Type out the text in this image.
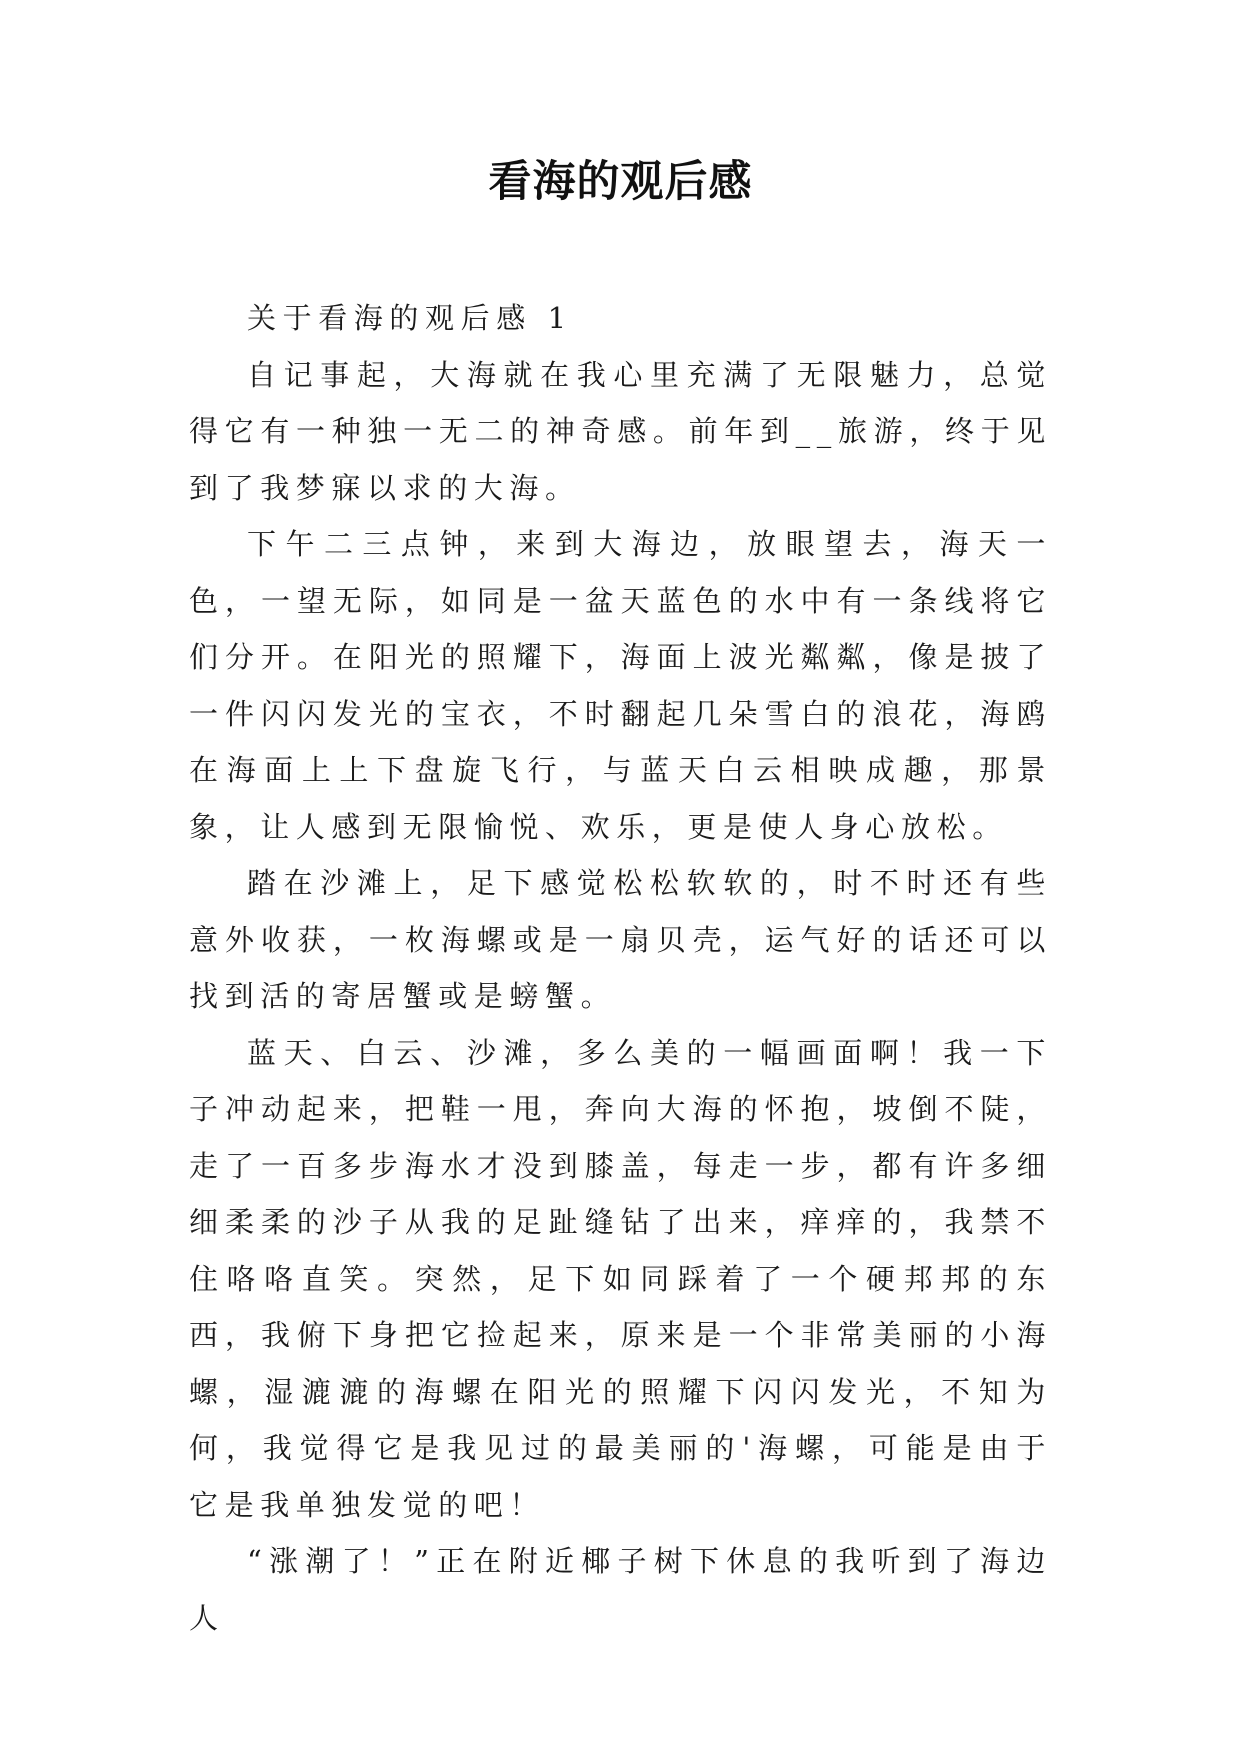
看海的观后感

关于看海的观后感 1

自记事起，大海就在我心里充满了无限魅力，总觉得它有一种独一无二的神奇感。前年到__旅游，终于见到了我梦寐以求的大海。

下午二三点钟，来到大海边，放眼望去，海天一色，一望无际，如同是一盆天蓝色的水中有一条线将它们分开。在阳光的照耀下，海面上波光粼粼，像是披了一件闪闪发光的宝衣，不时翻起几朵雪白的浪花，海鸥在海面上上下盘旋飞行，与蓝天白云相映成趣，那景象，让人感到无限愉悦、欢乐，更是使人身心放松。

踏在沙滩上，足下感觉松松软软的，时不时还有些意外收获，一枚海螺或是一扇贝壳，运气好的话还可以找到活的寄居蟹或是螃蟹。

蓝天、白云、沙滩，多么美的一幅画面啊！我一下子冲动起来，把鞋一甩，奔向大海的怀抱，坡倒不陡，走了一百多步海水才没到膝盖，每走一步，都有许多细细柔柔的沙子从我的足趾缝钻了出来，痒痒的，我禁不住咯咯直笑。突然，足下如同踩着了一个硬邦邦的东西，我俯下身把它捡起来，原来是一个非常美丽的小海螺，湿漉漉的海螺在阳光的照耀下闪闪发光，不知为何，我觉得它是我见过的最美丽的'海螺，可能是由于它是我单独发觉的吧！

“涨潮了！”正在附近椰子树下休息的我听到了海边人
